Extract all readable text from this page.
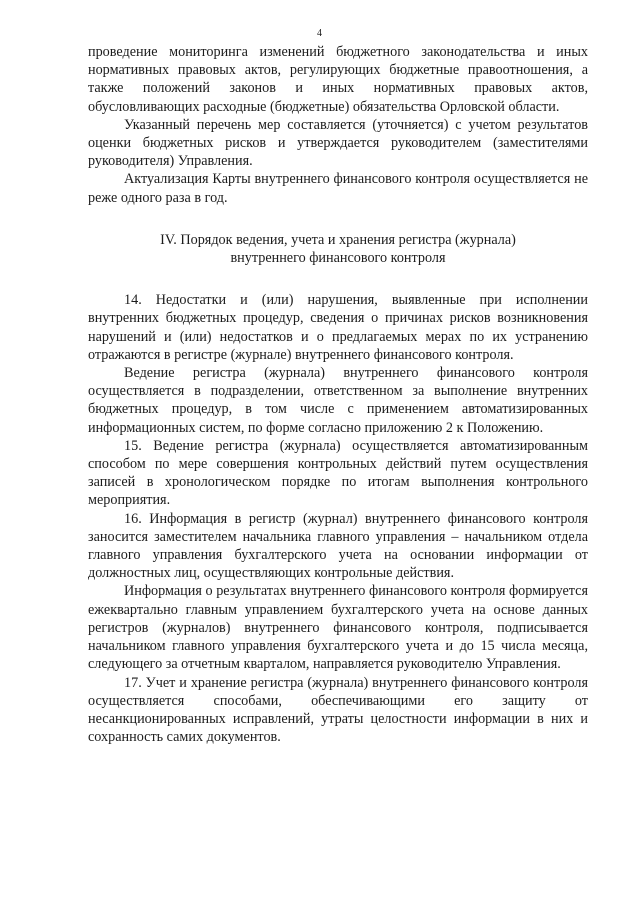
4

проведение мониторинга изменений бюджетного законодательства и иных нормативных правовых актов, регулирующих бюджетные правоотношения, а также положений законов и иных нормативных правовых актов, обусловливающих расходные (бюджетные) обязательства Орловской области.

Указанный перечень мер составляется (уточняется) с учетом результатов оценки бюджетных рисков и утверждается руководителем (заместителями руководителя) Управления.

Актуализация Карты внутреннего финансового контроля осуществляется не реже одного раза в год.

IV. Порядок ведения, учета и хранения регистра (журнала)
внутреннего финансового контроля

14. Недостатки и (или) нарушения, выявленные при исполнении внутренних бюджетных процедур, сведения о причинах рисков возникновения нарушений и (или) недостатков и о предлагаемых мерах по их устранению отражаются в регистре (журнале) внутреннего финансового контроля.

Ведение регистра (журнала) внутреннего финансового контроля осуществляется в подразделении, ответственном за выполнение внутренних бюджетных процедур, в том числе с применением автоматизированных информационных систем, по форме согласно приложению 2 к Положению.

15. Ведение регистра (журнала) осуществляется автоматизированным способом по мере совершения контрольных действий путем осуществления записей в хронологическом порядке по итогам выполнения контрольного мероприятия.

16. Информация в регистр (журнал) внутреннего финансового контроля заносится заместителем начальника главного управления – начальником отдела главного управления бухгалтерского учета на основании информации от должностных лиц, осуществляющих контрольные действия.

Информация о результатах внутреннего финансового контроля формируется ежеквартально главным управлением бухгалтерского учета на основе данных регистров (журналов) внутреннего финансового контроля, подписывается начальником главного управления бухгалтерского учета и до 15 числа месяца, следующего за отчетным кварталом, направляется руководителю Управления.

17. Учет и хранение регистра (журнала) внутреннего финансового контроля осуществляется способами, обеспечивающими его защиту от несанкционированных исправлений, утраты целостности информации в них и сохранность самих документов.
